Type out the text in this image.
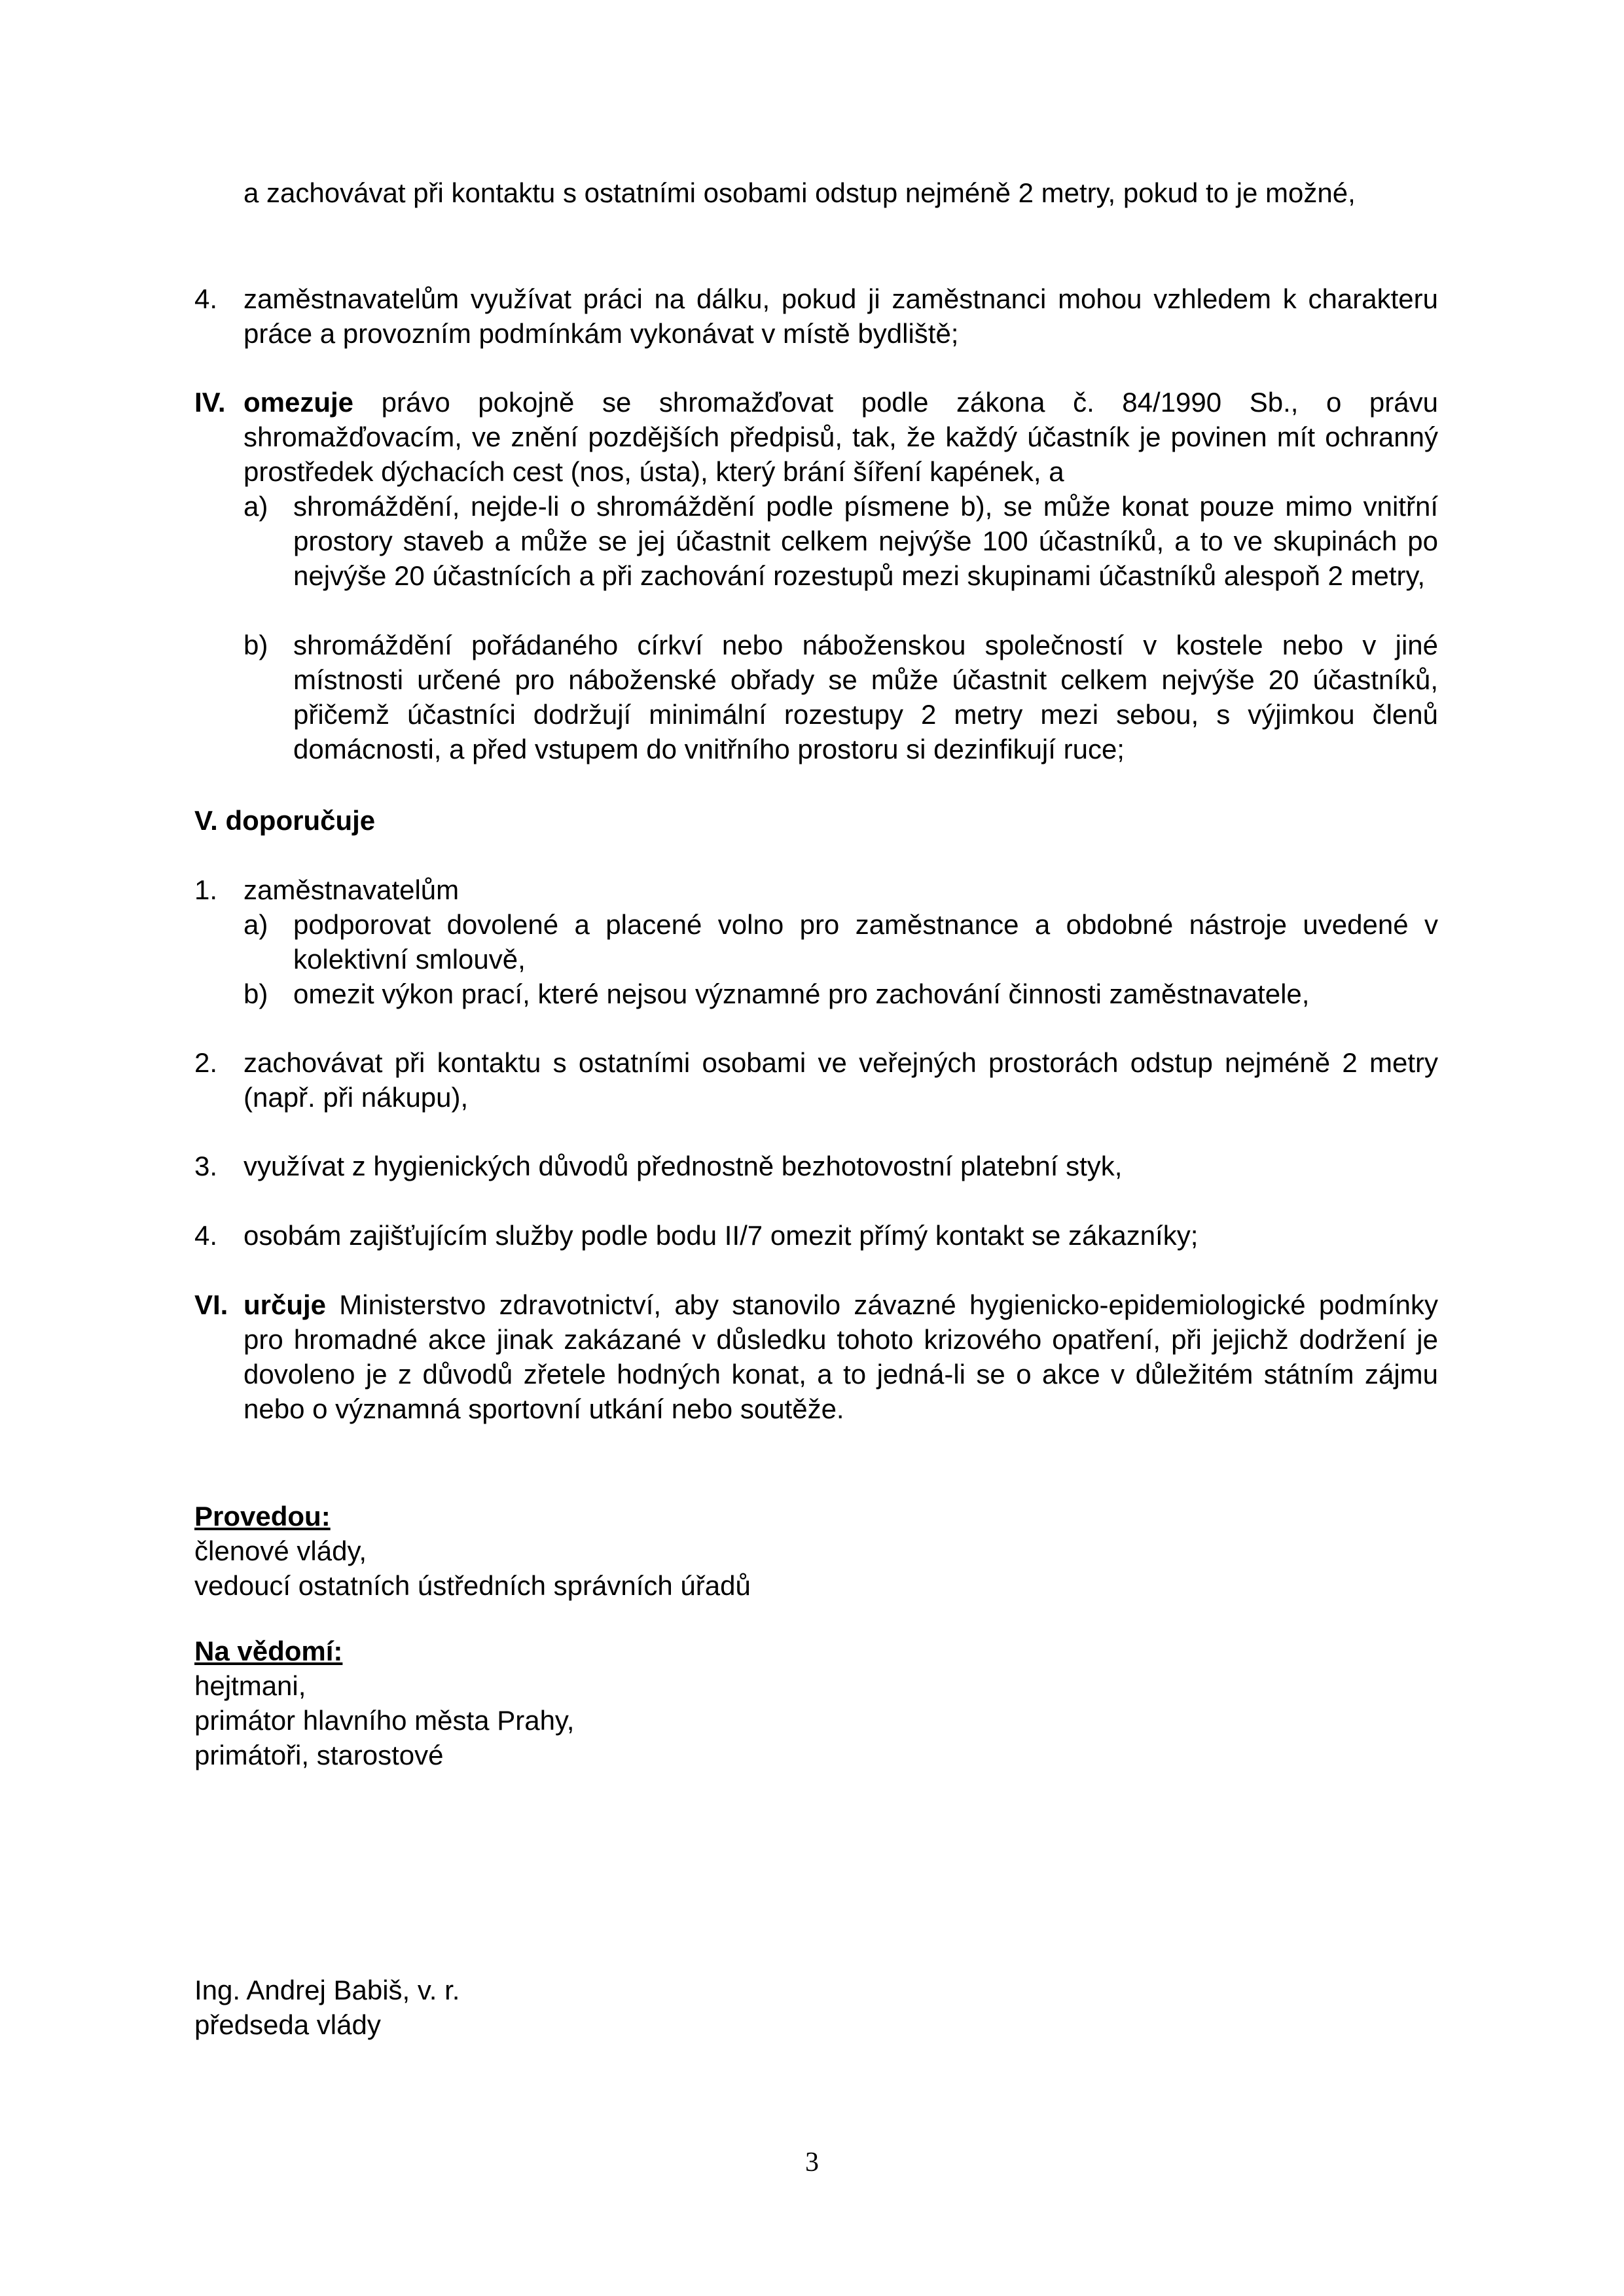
a zachovávat při kontaktu s ostatními osobami odstup nejméně 2 metry, pokud to je možné,
4. zaměstnavatelům využívat práci na dálku, pokud ji zaměstnanci mohou vzhledem k charakteru práce a provozním podmínkám vykonávat v místě bydliště;
IV. omezuje právo pokojně se shromažďovat podle zákona č. 84/1990 Sb., o právu shromažďovacím, ve znění pozdějších předpisů, tak, že každý účastník je povinen mít ochranný prostředek dýchacích cest (nos, ústa), který brání šíření kapének, a
a) shromáždění, nejde-li o shromáždění podle písmene b), se může konat pouze mimo vnitřní prostory staveb a může se jej účastnit celkem nejvýše 100 účastníků, a to ve skupinách po nejvýše 20 účastnících a při zachování rozestupů mezi skupinami účastníků alespoň 2 metry,
b) shromáždění pořádaného církví nebo náboženskou společností v kostele nebo v jiné místnosti určené pro náboženské obřady se může účastnit celkem nejvýše 20 účastníků, přičemž účastníci dodržují minimální rozestupy 2 metry mezi sebou, s výjimkou členů domácnosti, a před vstupem do vnitřního prostoru si dezinfikují ruce;
V. doporučuje
1. zaměstnavatelům
a) podporovat dovolené a placené volno pro zaměstnance a obdobné nástroje uvedené v kolektivní smlouvě,
b) omezit výkon prací, které nejsou významné pro zachování činnosti zaměstnavatele,
2. zachovávat při kontaktu s ostatními osobami ve veřejných prostorách odstup nejméně 2 metry (např. při nákupu),
3. využívat z hygienických důvodů přednostně bezhotovostní platební styk,
4. osobám zajišťujícím služby podle bodu II/7 omezit přímý kontakt se zákazníky;
VI. určuje Ministerstvo zdravotnictví, aby stanovilo závazné hygienicko-epidemiologické podmínky pro hromadné akce jinak zakázané v důsledku tohoto krizového opatření, při jejichž dodržení je dovoleno je z důvodů zřetele hodných konat, a to jedná-li se o akce v důležitém státním zájmu nebo o významná sportovní utkání nebo soutěže.
Provedou:
členové vlády,
vedoucí ostatních ústředních správních úřadů
Na vědomí:
hejtmani,
primátor hlavního města Prahy,
primátoři, starostové
Ing. Andrej Babiš, v. r.
předseda vlády
3
